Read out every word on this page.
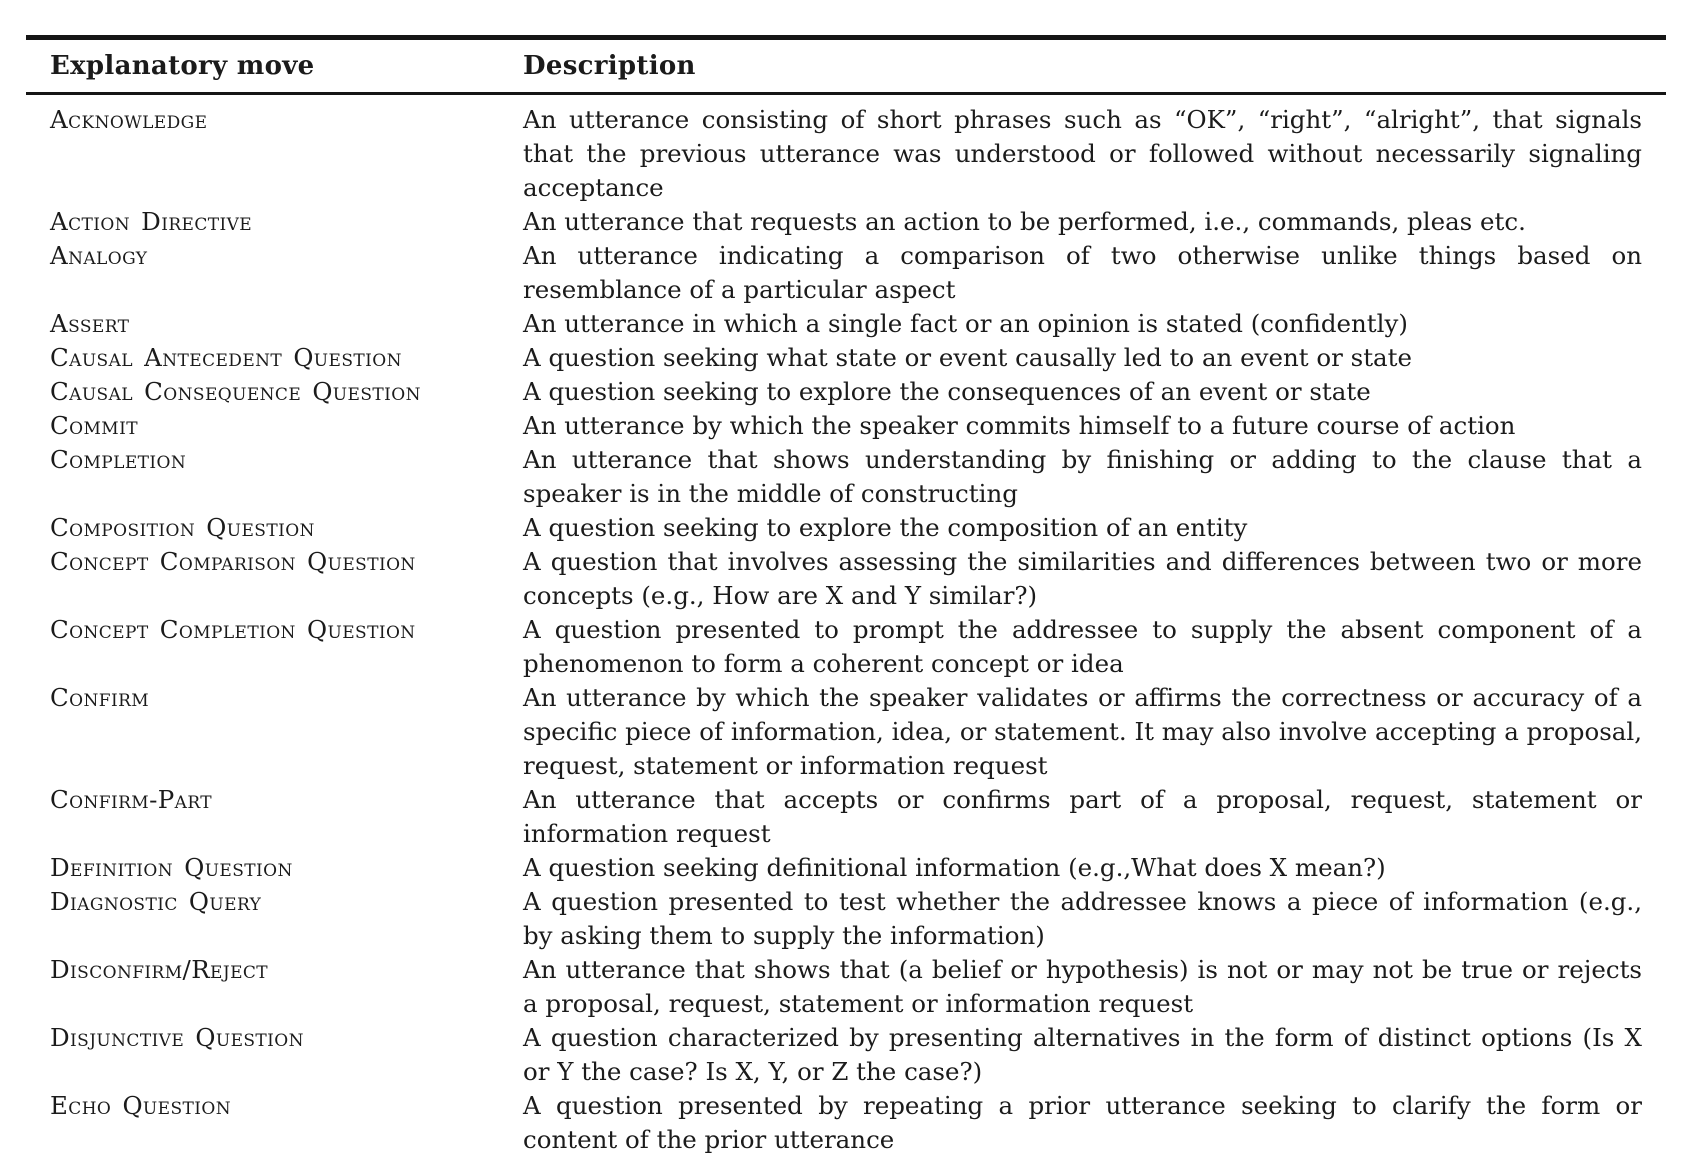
Explanatory move	Description
Acknowledge	An utterance consisting of short phrases such as “OK”, “right”, “alright”, that signals that the previous utterance was understood or followed without necessarily signaling acceptance
Action Directive	An utterance that requests an action to be performed, i.e., commands, pleas etc.
Analogy	An utterance indicating a comparison of two otherwise unlike things based on resemblance of a particular aspect
Assert	An utterance in which a single fact or an opinion is stated (confidently)
Causal Antecedent Question	A question seeking what state or event causally led to an event or state
Causal Consequence Question	A question seeking to explore the consequences of an event or state
Commit	An utterance by which the speaker commits himself to a future course of action
Completion	An utterance that shows understanding by finishing or adding to the clause that a speaker is in the middle of constructing
Composition Question	A question seeking to explore the composition of an entity
Concept Comparison Question	A question that involves assessing the similarities and differences between two or more concepts (e.g., How are X and Y similar?)
Concept Completion Question	A question presented to prompt the addressee to supply the absent component of a phenomenon to form a coherent concept or idea
Confirm	An utterance by which the speaker validates or affirms the correctness or accuracy of a specific piece of information, idea, or statement. It may also involve accepting a proposal, request, statement or information request
Confirm-Part	An utterance that accepts or confirms part of a proposal, request, statement or information request
Definition Question	A question seeking definitional information (e.g.,What does X mean?)
Diagnostic Query	A question presented to test whether the addressee knows a piece of information (e.g., by asking them to supply the information)
Disconfirm/Reject	An utterance that shows that (a belief or hypothesis) is not or may not be true or rejects a proposal, request, statement or information request
Disjunctive Question	A question characterized by presenting alternatives in the form of distinct options (Is X or Y the case? Is X, Y, or Z the case?)
Echo Question	A question presented by repeating a prior utterance seeking to clarify the form or content of the prior utterance
